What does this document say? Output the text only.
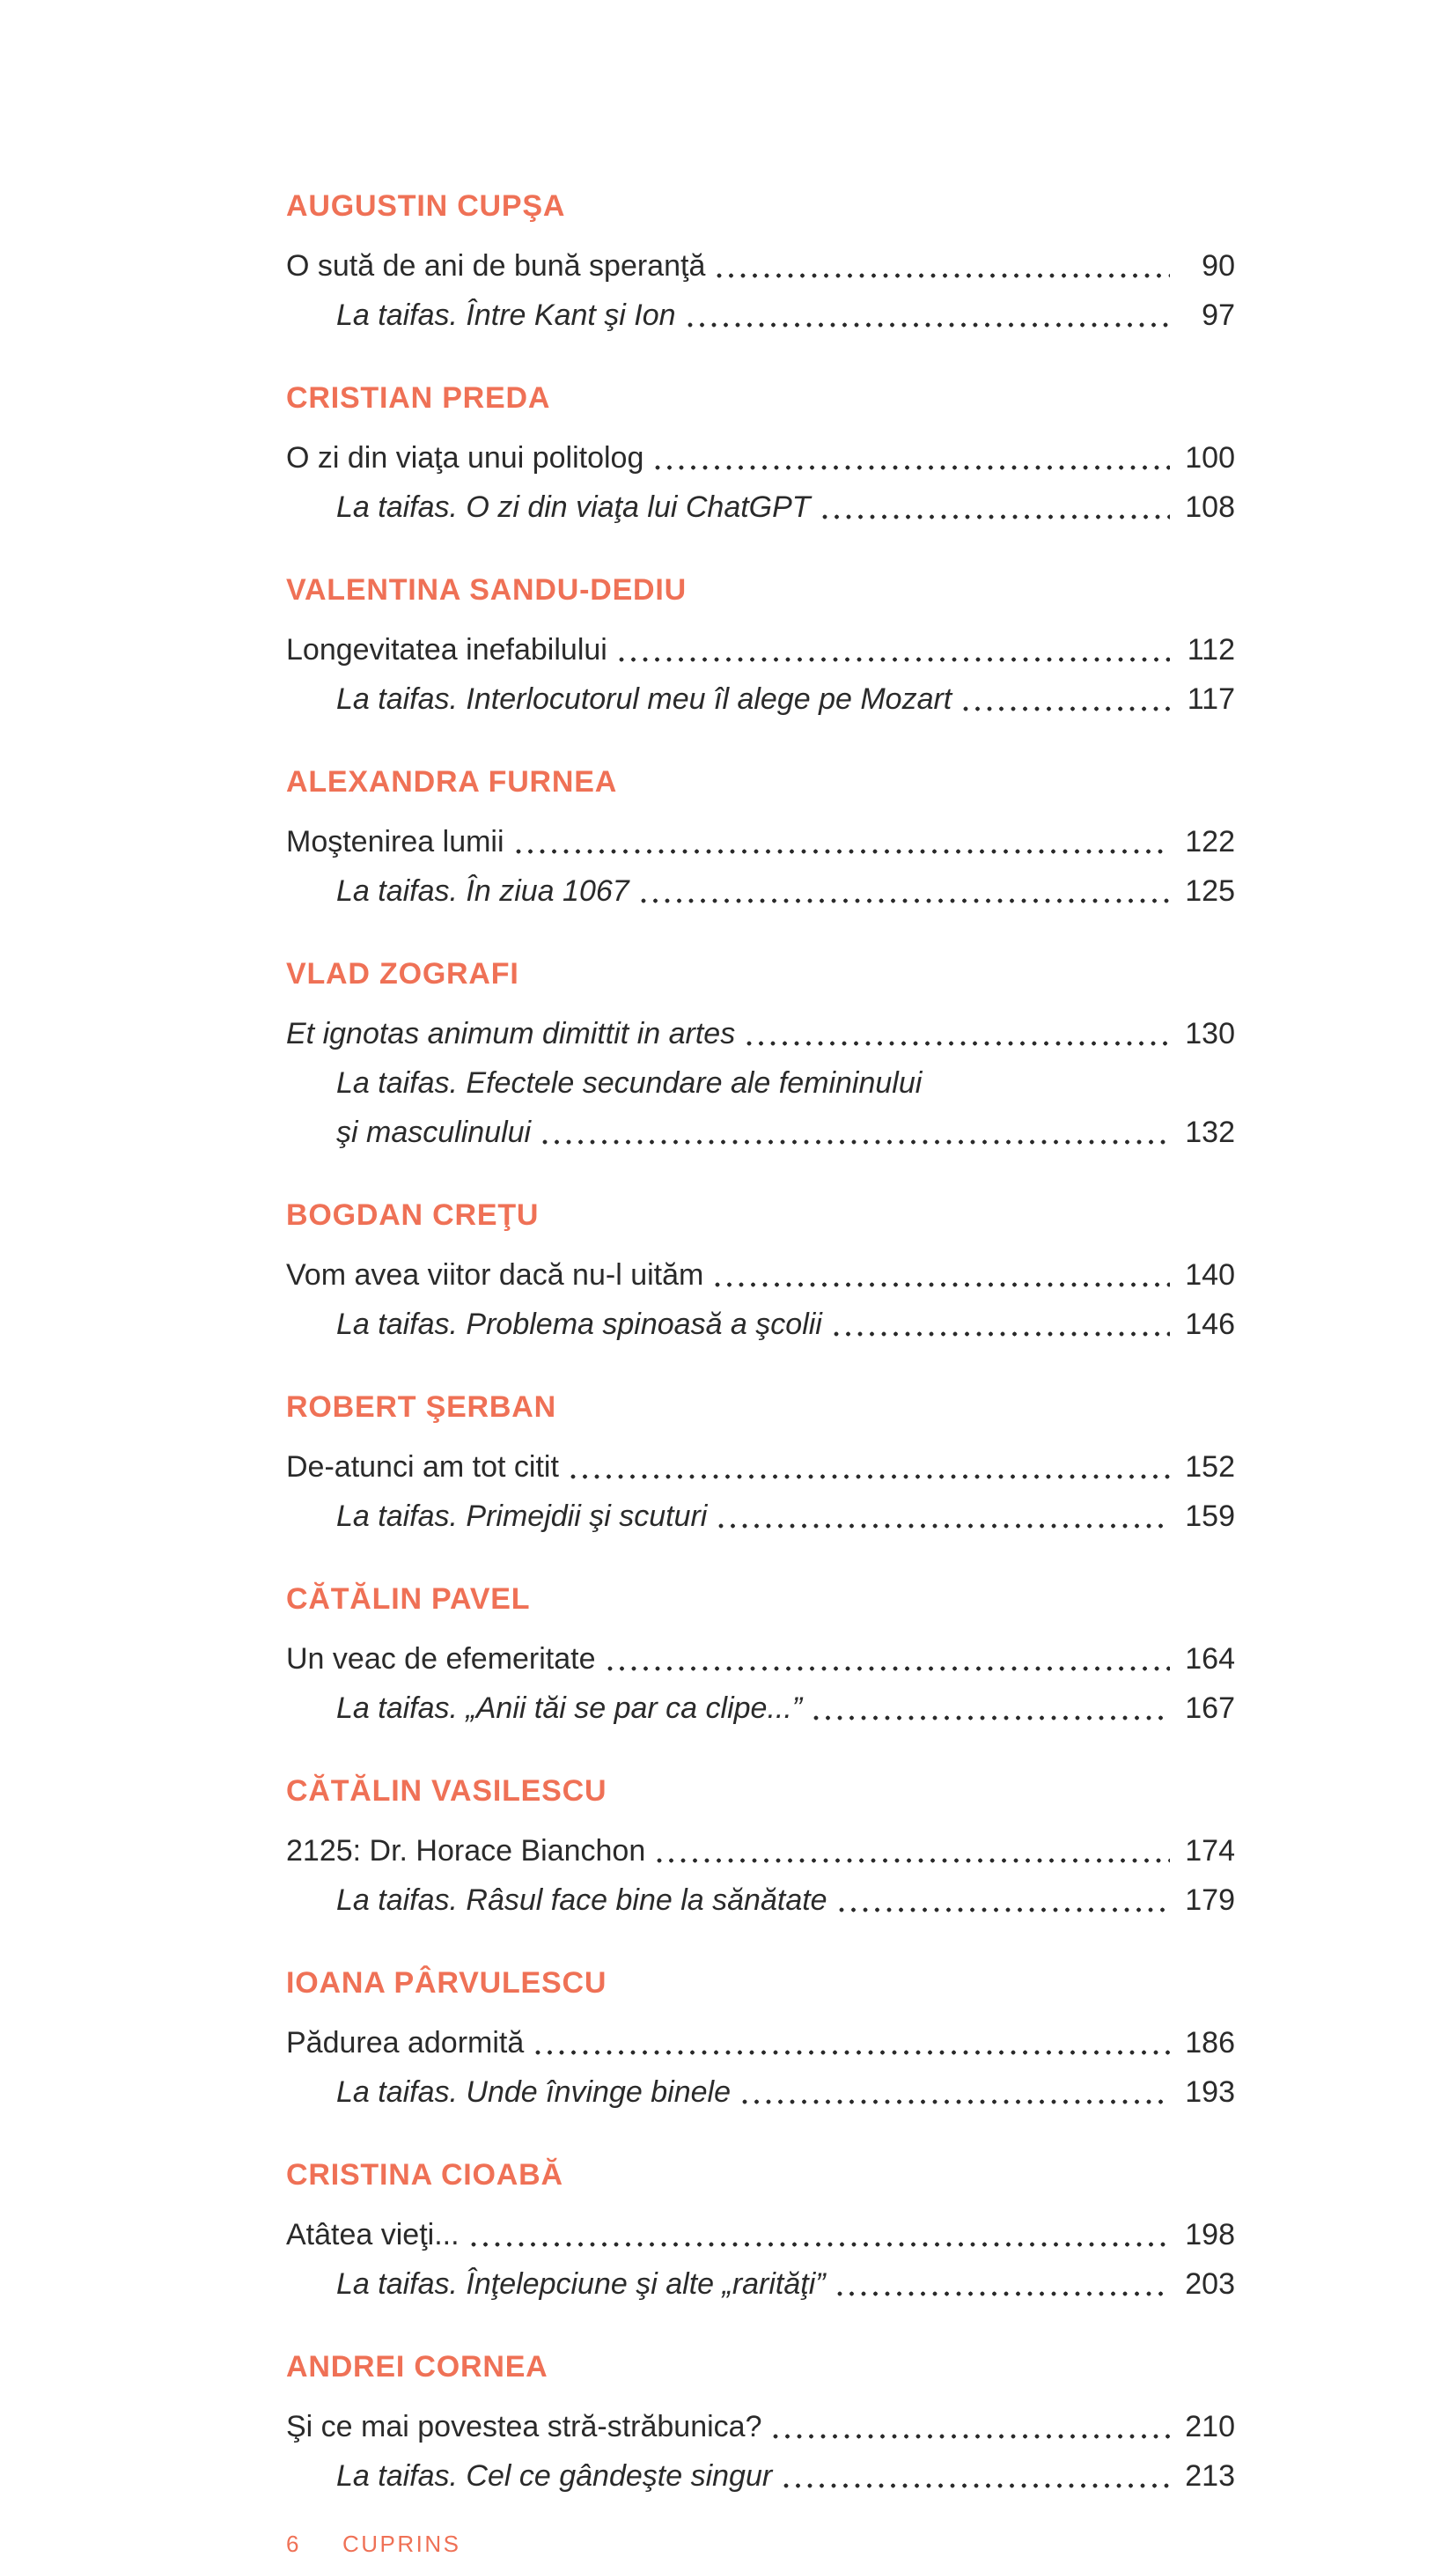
AUGUSTIN CUPŞA
O sută de ani de bună speranţă	90
La taifas. Între Kant şi Ion	97
CRISTIAN PREDA
O zi din viaţa unui politolog	100
La taifas. O zi din viaţa lui ChatGPT	108
VALENTINA SANDU-DEDIU
Longevitatea inefabilului	112
La taifas. Interlocutorul meu îl alege pe Mozart	117
ALEXANDRA FURNEA
Moştenirea lumii	122
La taifas. În ziua 1067	125
VLAD ZOGRAFI
Et ignotas animum dimittit in artes	130
La taifas. Efectele secundare ale femininului
şi masculinului	132
BOGDAN CREŢU
Vom avea viitor dacă nu-l uităm	140
La taifas. Problema spinoasă a şcolii	146
ROBERT ŞERBAN
De-atunci am tot citit	152
La taifas. Primejdii şi scuturi	159
CĂTĂLIN PAVEL
Un veac de efemeritate	164
La taifas. „Anii tăi se par ca clipe...”	167
CĂTĂLIN VASILESCU
2125: Dr. Horace Bianchon	174
La taifas. Râsul face bine la sănătate	179
IOANA PÂRVULESCU
Pădurea adormită	186
La taifas. Unde învinge binele	193
CRISTINA CIOABĂ
Atâtea vieţi...	198
La taifas. Înţelepciune şi alte „rarităţi”	203
ANDREI CORNEA
Şi ce mai povestea stră-străbunica?	210
La taifas. Cel ce gândeşte singur	213
6 CUPRINS
